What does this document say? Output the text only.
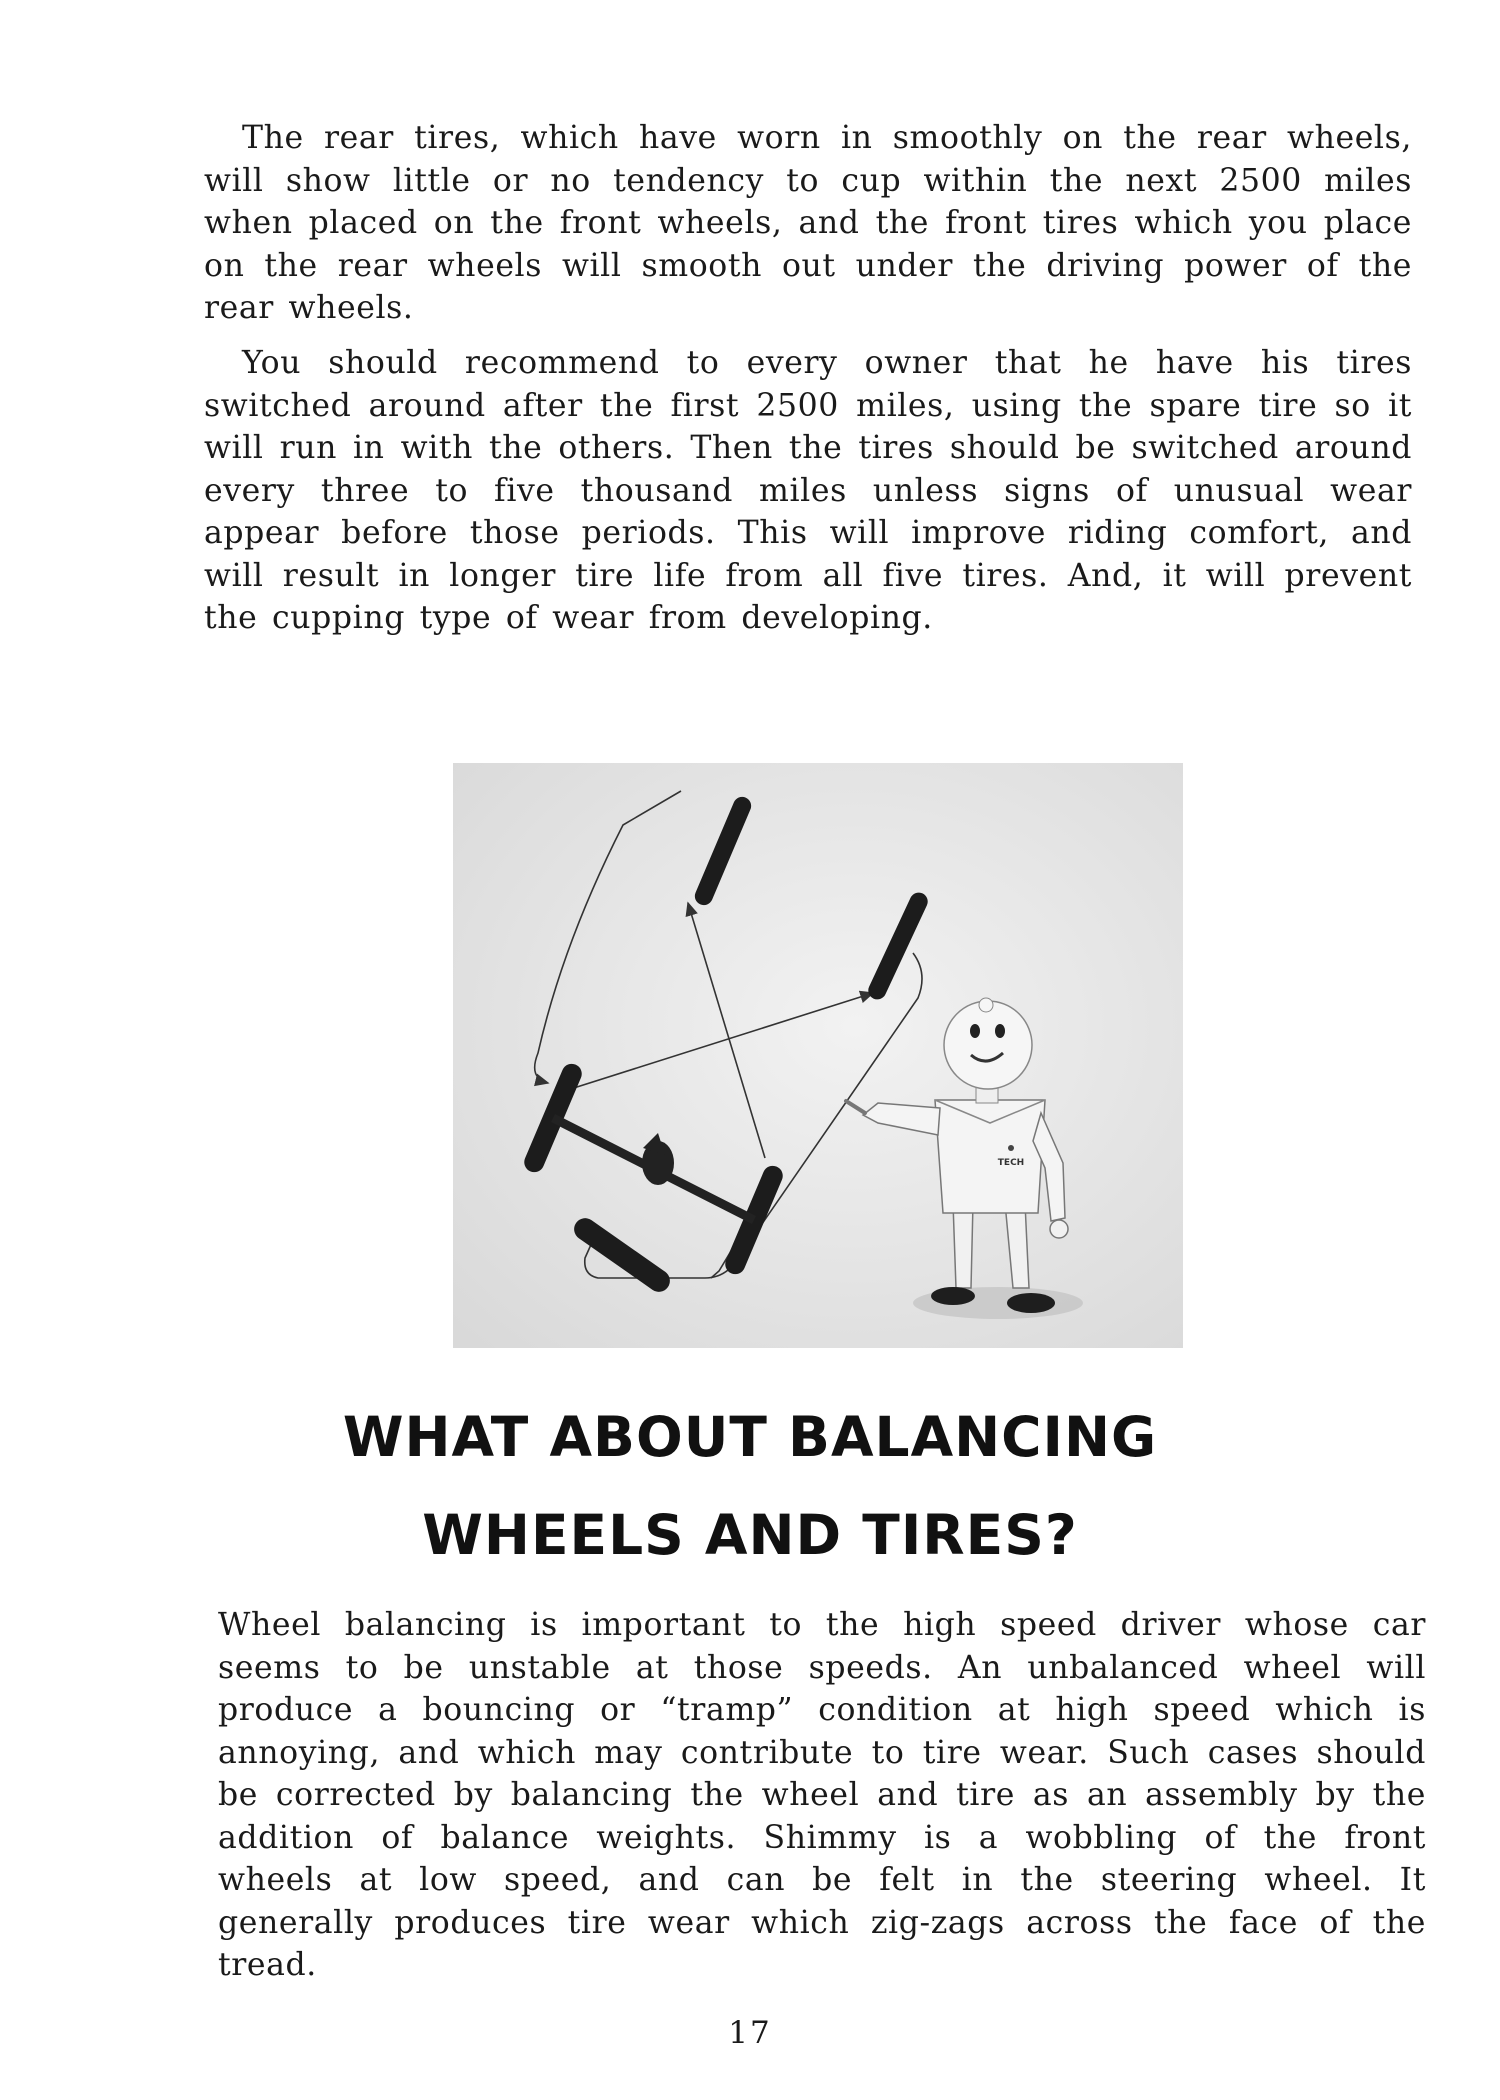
The rear tires, which have worn in smoothly on the rear wheels, will show little or no tendency to cup within the next 2500 miles when placed on the front wheels, and the front tires which you place on the rear wheels will smooth out under the driving power of the rear wheels.

You should recommend to every owner that he have his tires switched around after the first 2500 miles, using the spare tire so it will run in with the others. Then the tires should be switched around every three to five thousand miles unless signs of unusual wear appear before those periods. This will improve riding comfort, and will result in longer tire life from all five tires. And, it will prevent the cupping type of wear from developing.

TECH
WHAT ABOUT BALANCING
WHEELS AND TIRES?

Wheel balancing is important to the high speed driver whose car seems to be unstable at those speeds. An unbalanced wheel will produce a bouncing or “tramp” condition at high speed which is annoying, and which may contribute to tire wear. Such cases should be corrected by balancing the wheel and tire as an assembly by the addition of balance weights. Shimmy is a wobbling of the front wheels at low speed, and can be felt in the steering wheel. It generally produces tire wear which zig-zags across the face of the tread.

17
